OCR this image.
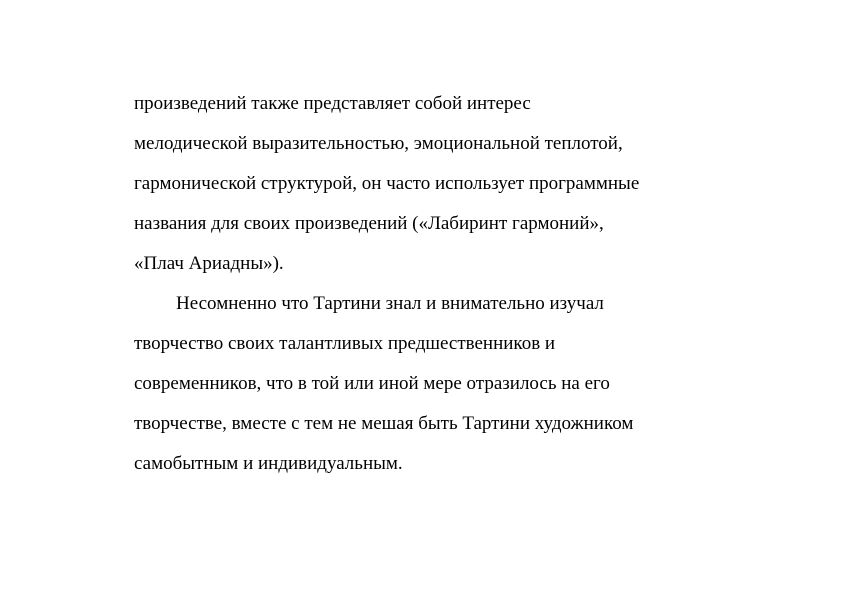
произведений также представляет собой интерес
мелодической выразительностью, эмоциональной теплотой,
гармонической структурой, он часто использует программные
названия для своих произведений («Лабиринт гармоний»,
«Плач Ариадны»).
Несомненно что Тартини знал и внимательно изучал
творчество своих талантливых предшественников и
современников, что в той или иной мере отразилось на его
творчестве, вместе с тем не мешая быть Тартини художником
самобытным и индивидуальным.
